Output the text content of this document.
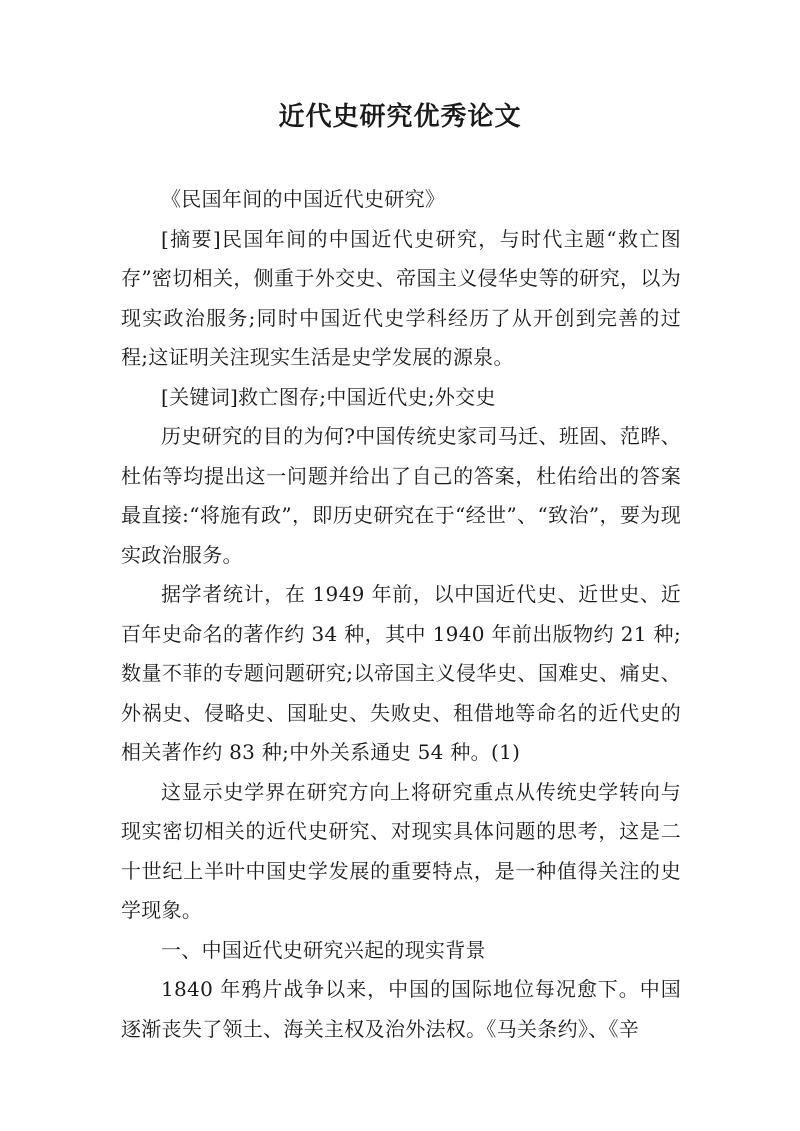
近代史研究优秀论文

《民国年间的中国近代史研究》

[摘要]民国年间的中国近代史研究，与时代主题“救亡图存”密切相关，侧重于外交史、帝国主义侵华史等的研究，以为现实政治服务;同时中国近代史学科经历了从开创到完善的过程;这证明关注现实生活是史学发展的源泉。

[关键词]救亡图存;中国近代史;外交史

历史研究的目的为何?中国传统史家司马迁、班固、范晔、杜佑等均提出这一问题并给出了自己的答案，杜佑给出的答案最直接:“将施有政”，即历史研究在于“经世”、“致治”，要为现实政治服务。

据学者统计，在 1949 年前，以中国近代史、近世史、近百年史命名的著作约 34 种，其中 1940 年前出版物约 21 种;数量不菲的专题问题研究;以帝国主义侵华史、国难史、痛史、外祸史、侵略史、国耻史、失败史、租借地等命名的近代史的相关著作约 83 种;中外关系通史 54 种。(1)

这显示史学界在研究方向上将研究重点从传统史学转向与现实密切相关的近代史研究、对现实具体问题的思考，这是二十世纪上半叶中国史学发展的重要特点，是一种值得关注的史学现象。

一、中国近代史研究兴起的现实背景

1840 年鸦片战争以来，中国的国际地位每况愈下。中国逐渐丧失了领土、海关主权及治外法权。《马关条约》、《辛
